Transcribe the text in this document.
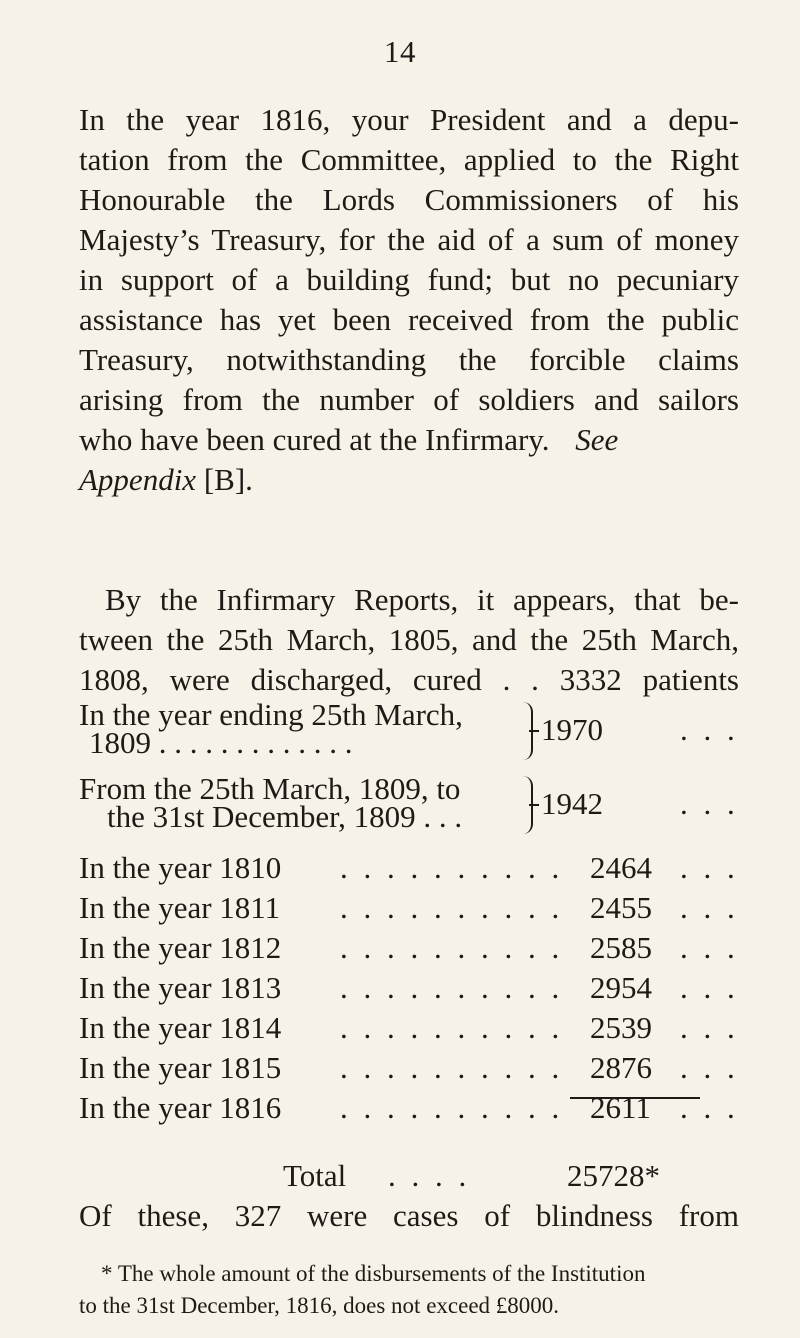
14
In the year 1816, your President and a depu-
tation from the Committee, applied to the Right
Honourable the Lords Commissioners of his
Majesty’s Treasury, for the aid of a sum of money
in support of a building fund; but no pecuniary
assistance has yet been received from the public
Treasury, notwithstanding the forcible claims
arising from the number of soldiers and sailors
who have been cured at the Infirmary. See
Appendix [B].
By the Infirmary Reports, it appears, that be-
tween the 25th March, 1805, and the 25th March,
1808, were discharged, cured . . 3332 patients
In the year ending 25th March,
1809 . . . . . . . . . . . . .	1970 . . .
From the 25th March, 1809, to
the 31st December, 1809 . . .	1942 . . .
In the year 1810 . . . . . . . . . . 2464 . . .
In the year 1811 . . . . . . . . . . 2455 . . .
In the year 1812 . . . . . . . . . . 2585 . . .
In the year 1813 . . . . . . . . . . 2954 . . .
In the year 1814 . . . . . . . . . . 2539 . . .
In the year 1815 . . . . . . . . . . 2876 . . .
In the year 1816 . . . . . . . . . . 2611 . . .
Total . . . .	25728*
Of these, 327 were cases of blindness from
* The whole amount of the disbursements of the Institution
to the 31st December, 1816, does not exceed £8000.
